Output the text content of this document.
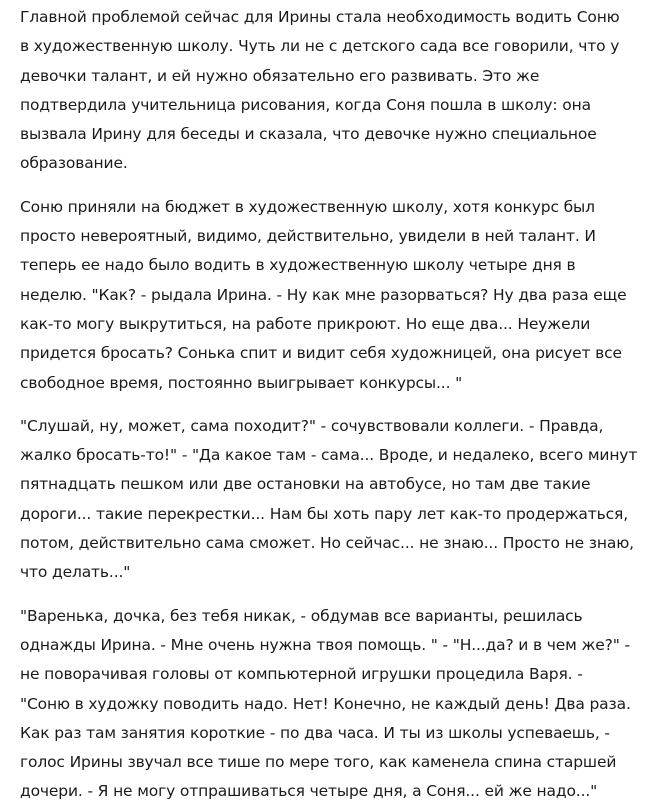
Главной проблемой сейчас для Ирины стала необходимость водить Соню
в художественную школу. Чуть ли не с детского сада все говорили, что у
девочки талант, и ей нужно обязательно его развивать. Это же
подтвердила учительница рисования, когда Соня пошла в школу: она
вызвала Ирину для беседы и сказала, что девочке нужно специальное
образование.

Соню приняли на бюджет в художественную школу, хотя конкурс был
просто невероятный, видимо, действительно, увидели в ней талант. И
теперь ее надо было водить в художественную школу четыре дня в
неделю. "Как? - рыдала Ирина. - Ну как мне разорваться? Ну два раза еще
как-то могу выкрутиться, на работе прикроют. Но еще два... Неужели
придется бросать? Сонька спит и видит себя художницей, она рисует все
свободное время, постоянно выигрывает конкурсы... "

"Слушай, ну, может, сама походит?" - сочувствовали коллеги. - Правда,
жалко бросать-то!" - "Да какое там - сама... Вроде, и недалеко, всего минут
пятнадцать пешком или две остановки на автобусе, но там две такие
дороги... такие перекрестки... Нам бы хоть пару лет как-то продержаться,
потом, действительно сама сможет. Но сейчас... не знаю... Просто не знаю,
что делать..."

"Варенька, дочка, без тебя никак, - обдумав все варианты, решилась
однажды Ирина. - Мне очень нужна твоя помощь. " - "Н...да? и в чем же?" -
не поворачивая головы от компьютерной игрушки процедила Варя. -
"Соню в художку поводить надо. Нет! Конечно, не каждый день! Два раза.
Как раз там занятия короткие - по два часа. И ты из школы успеваешь, -
голос Ирины звучал все тише по мере того, как каменела спина старшей
дочери. - Я не могу отпрашиваться четыре дня, а Соня... ей же надо..."
